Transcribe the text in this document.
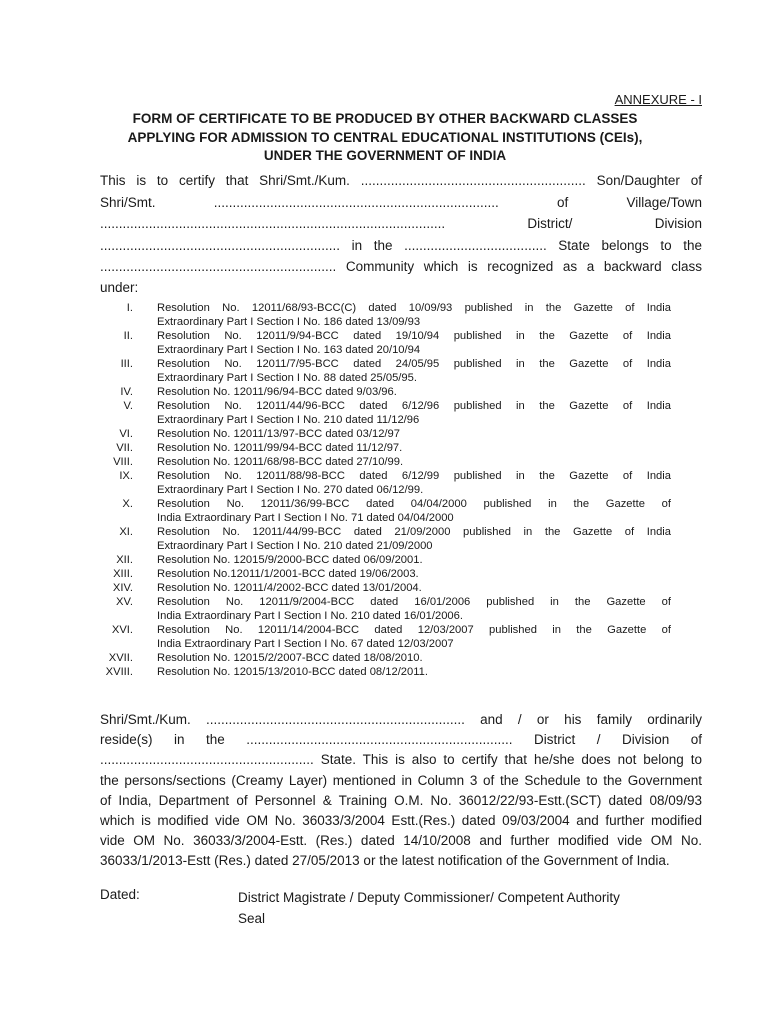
ANNEXURE - I
FORM OF CERTIFICATE TO BE PRODUCED BY OTHER BACKWARD CLASSES
APPLYING FOR ADMISSION TO CENTRAL EDUCATIONAL INSTITUTIONS (CEIs),
UNDER THE GOVERNMENT OF INDIA
This is to certify that Shri/Smt./Kum. ............................................................ Son/Daughter of
Shri/Smt. ............................................................................ of Village/Town
............................................................................................ District/ Division
................................................................ in the ...................................... State belongs to the
............................................................... Community which is recognized as a backward class
under:
I.	Resolution No. 12011/68/93-BCC(C) dated 10/09/93 published in the Gazette of India
Extraordinary Part I Section I No. 186 dated 13/09/93
II.	Resolution No. 12011/9/94-BCC dated 19/10/94 published in the Gazette of India
Extraordinary Part I Section I No. 163 dated 20/10/94
III.	Resolution No. 12011/7/95-BCC dated 24/05/95 published in the Gazette of India
Extraordinary Part I Section I No. 88 dated 25/05/95.
IV.	Resolution No. 12011/96/94-BCC dated 9/03/96.
V.	Resolution No. 12011/44/96-BCC dated 6/12/96 published in the Gazette of India
Extraordinary Part I Section I No. 210 dated 11/12/96
VI.	Resolution No. 12011/13/97-BCC dated 03/12/97
VII.	Resolution No. 12011/99/94-BCC dated 11/12/97.
VIII.	Resolution No. 12011/68/98-BCC dated 27/10/99.
IX.	Resolution No. 12011/88/98-BCC dated 6/12/99 published in the Gazette of India
Extraordinary Part I Section I No. 270 dated 06/12/99.
X.	Resolution No. 12011/36/99-BCC dated 04/04/2000 published in the Gazette of
India Extraordinary Part I Section I No. 71 dated 04/04/2000
XI.	Resolution No. 12011/44/99-BCC dated 21/09/2000 published in the Gazette of India
Extraordinary Part I Section I No. 210 dated 21/09/2000
XII.	Resolution No. 12015/9/2000-BCC dated 06/09/2001.
XIII.	Resolution No.12011/1/2001-BCC dated 19/06/2003.
XIV.	Resolution No. 12011/4/2002-BCC dated 13/01/2004.
XV.	Resolution No. 12011/9/2004-BCC dated 16/01/2006 published in the Gazette of
India Extraordinary Part I Section I No. 210 dated 16/01/2006.
XVI.	Resolution No. 12011/14/2004-BCC dated 12/03/2007 published in the Gazette of
India Extraordinary Part I Section I No. 67 dated 12/03/2007
XVII.	Resolution No. 12015/2/2007-BCC dated 18/08/2010.
XVIII.	Resolution No. 12015/13/2010-BCC dated 08/12/2011.
Shri/Smt./Kum. ..................................................................... and / or his family ordinarily
reside(s) in the ....................................................................... District / Division of
......................................................... State. This is also to certify that he/she does not belong to
the persons/sections (Creamy Layer) mentioned in Column 3 of the Schedule to the Government
of India, Department of Personnel & Training O.M. No. 36012/22/93-Estt.(SCT) dated 08/09/93
which is modified vide OM No. 36033/3/2004 Estt.(Res.) dated 09/03/2004 and further modified
vide OM No. 36033/3/2004-Estt. (Res.) dated 14/10/2008 and further modified vide OM No.
36033/1/2013-Estt (Res.) dated 27/05/2013 or the latest notification of the Government of India.
Dated:	District Magistrate / Deputy Commissioner/ Competent Authority
Seal
